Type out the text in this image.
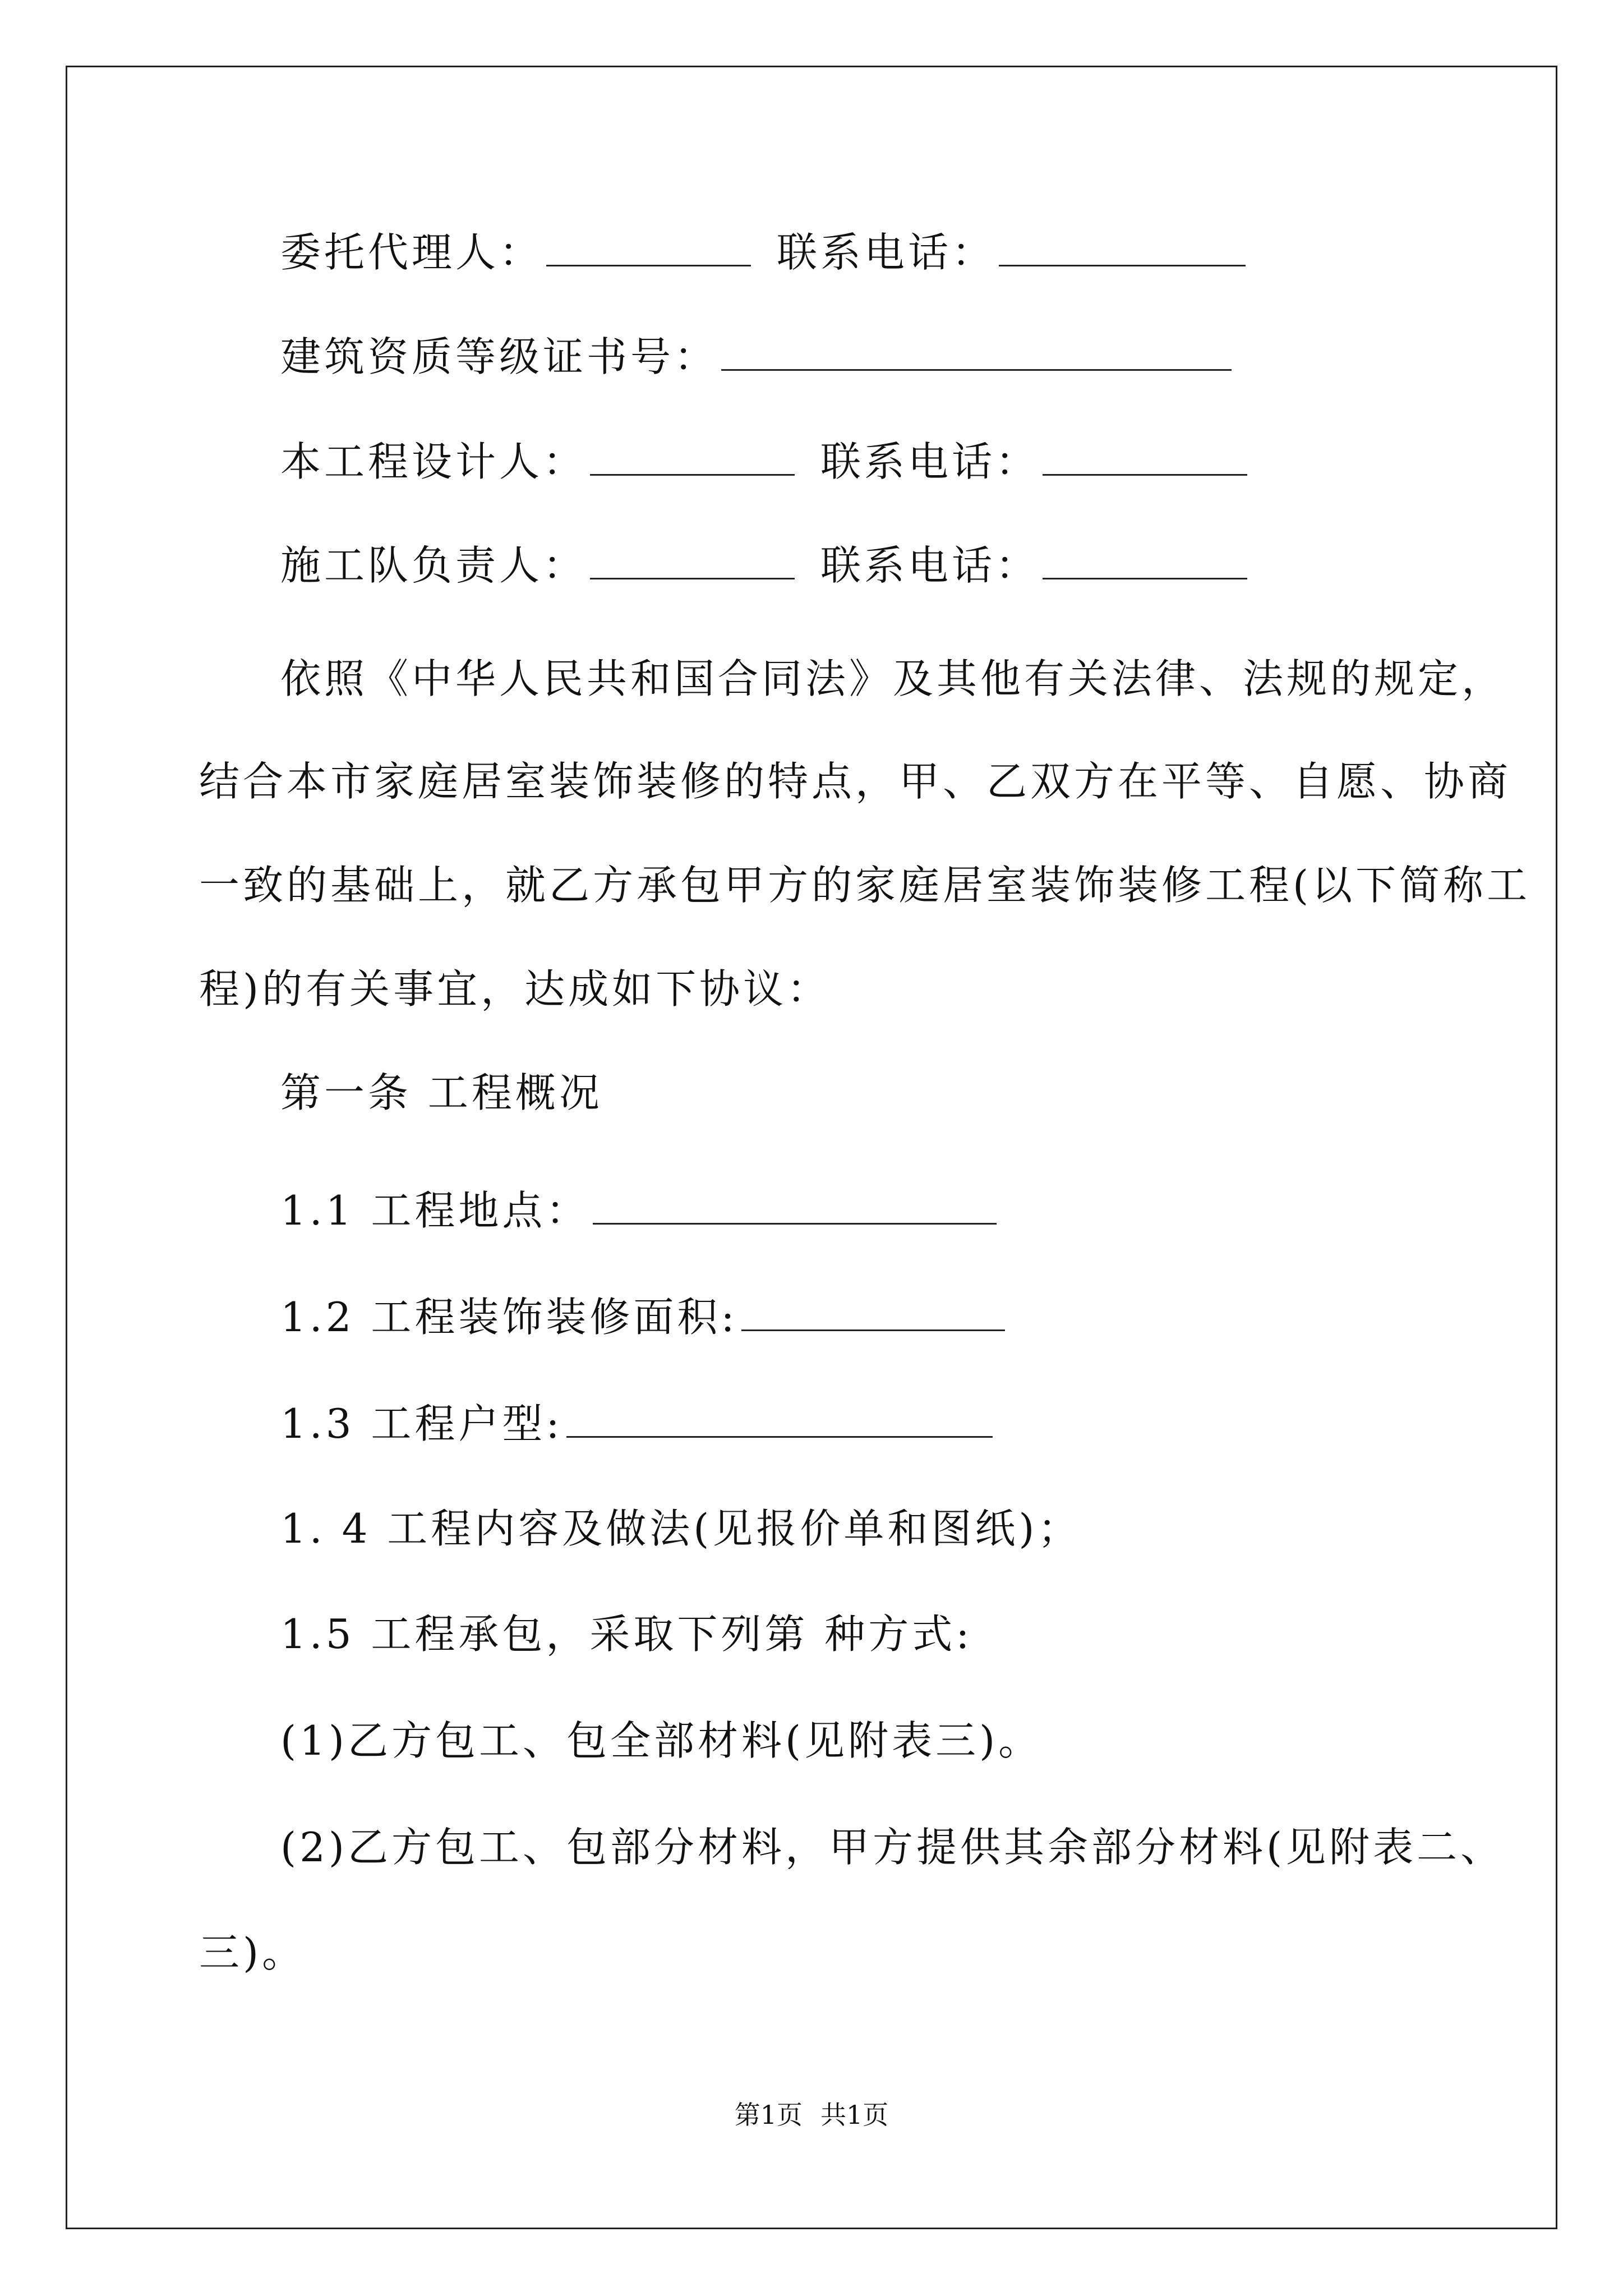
委托代理人：	联系电话：
建筑资质等级证书号：
本工程设计人：	联系电话：
施工队负责人：	联系电话：
依照《中华人民共和国合同法》及其他有关法律、法规的规定，
结合本市家庭居室装饰装修的特点，甲、乙双方在平等、自愿、协商
一致的基础上，就乙方承包甲方的家庭居室装饰装修工程(以下简称工
程)的有关事宜，达成如下协议：
第一条 工程概况
1.1 工程地点：
1.2 工程装饰装修面积:
1.3 工程户型:
1. 4 工程内容及做法(见报价单和图纸)；
1.5 工程承包，采取下列第 种方式:
(1)乙方包工、包全部材料(见附表三)。
(2)乙方包工、包部分材料，甲方提供其余部分材料(见附表二、
三)。
第1页 共1页
